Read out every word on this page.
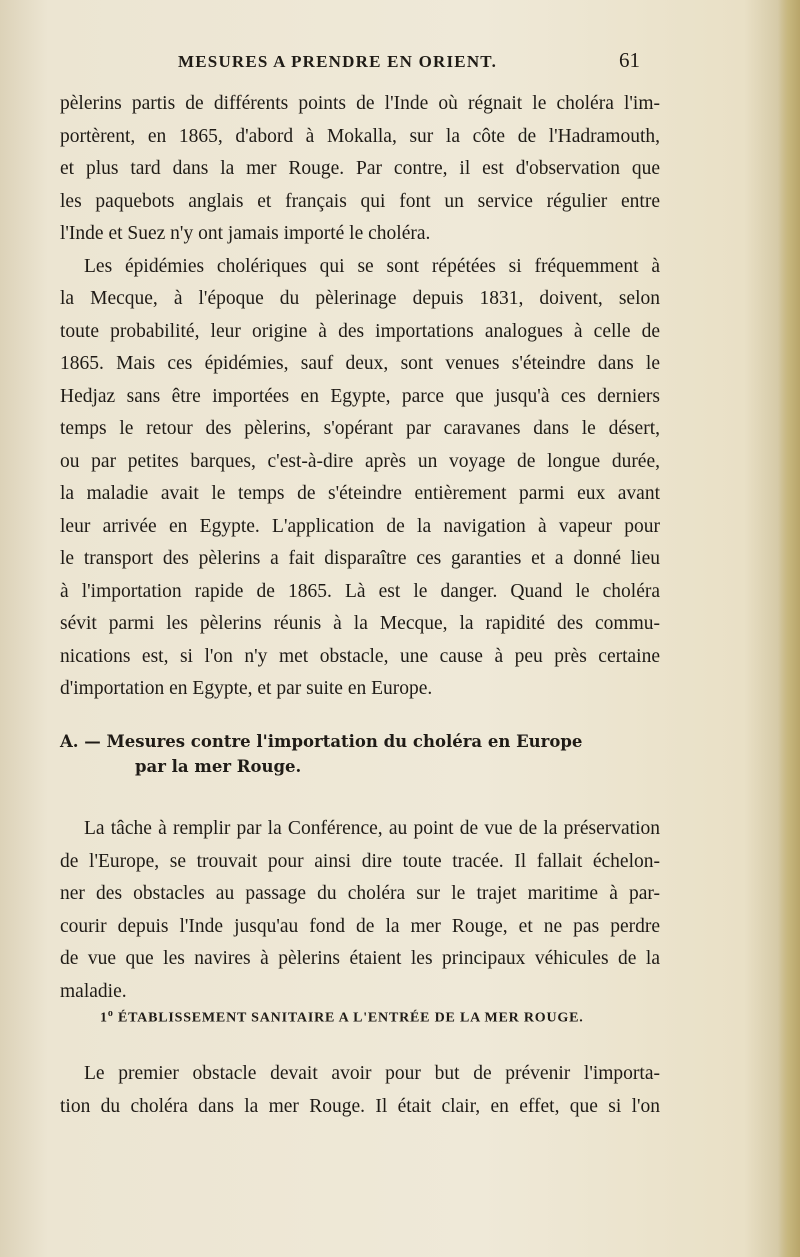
MESURES A PRENDRE EN ORIENT.	61

pèlerins partis de différents points de l'Inde où régnait le choléra l'im-
portèrent, en 1865, d'abord à Mokalla, sur la côte de l'Hadramouth,
et plus tard dans la mer Rouge. Par contre, il est d'observation que
les paquebots anglais et français qui font un service régulier entre
l'Inde et Suez n'y ont jamais importé le choléra.

Les épidémies cholériques qui se sont répétées si fréquemment à
la Mecque, à l'époque du pèlerinage depuis 1831, doivent, selon
toute probabilité, leur origine à des importations analogues à celle de
1865. Mais ces épidémies, sauf deux, sont venues s'éteindre dans le
Hedjaz sans être importées en Egypte, parce que jusqu'à ces derniers
temps le retour des pèlerins, s'opérant par caravanes dans le désert,
ou par petites barques, c'est-à-dire après un voyage de longue durée,
la maladie avait le temps de s'éteindre entièrement parmi eux avant
leur arrivée en Egypte. L'application de la navigation à vapeur pour
le transport des pèlerins a fait disparaître ces garanties et a donné lieu
à l'importation rapide de 1865. Là est le danger. Quand le choléra
sévit parmi les pèlerins réunis à la Mecque, la rapidité des commu-
nications est, si l'on n'y met obstacle, une cause à peu près certaine
d'importation en Egypte, et par suite en Europe.

A. — Mesures contre l'importation du choléra en Europe
par la mer Rouge.

La tâche à remplir par la Conférence, au point de vue de la préservation
de l'Europe, se trouvait pour ainsi dire toute tracée. Il fallait échelon-
ner des obstacles au passage du choléra sur le trajet maritime à par-
courir depuis l'Inde jusqu'au fond de la mer Rouge, et ne pas perdre
de vue que les navires à pèlerins étaient les principaux véhicules de la
maladie.

1$^o$ ÉTABLISSEMENT SANITAIRE A L'ENTRÉE DE LA MER ROUGE.

Le premier obstacle devait avoir pour but de prévenir l'importa-
tion du choléra dans la mer Rouge. Il était clair, en effet, que si l'on
